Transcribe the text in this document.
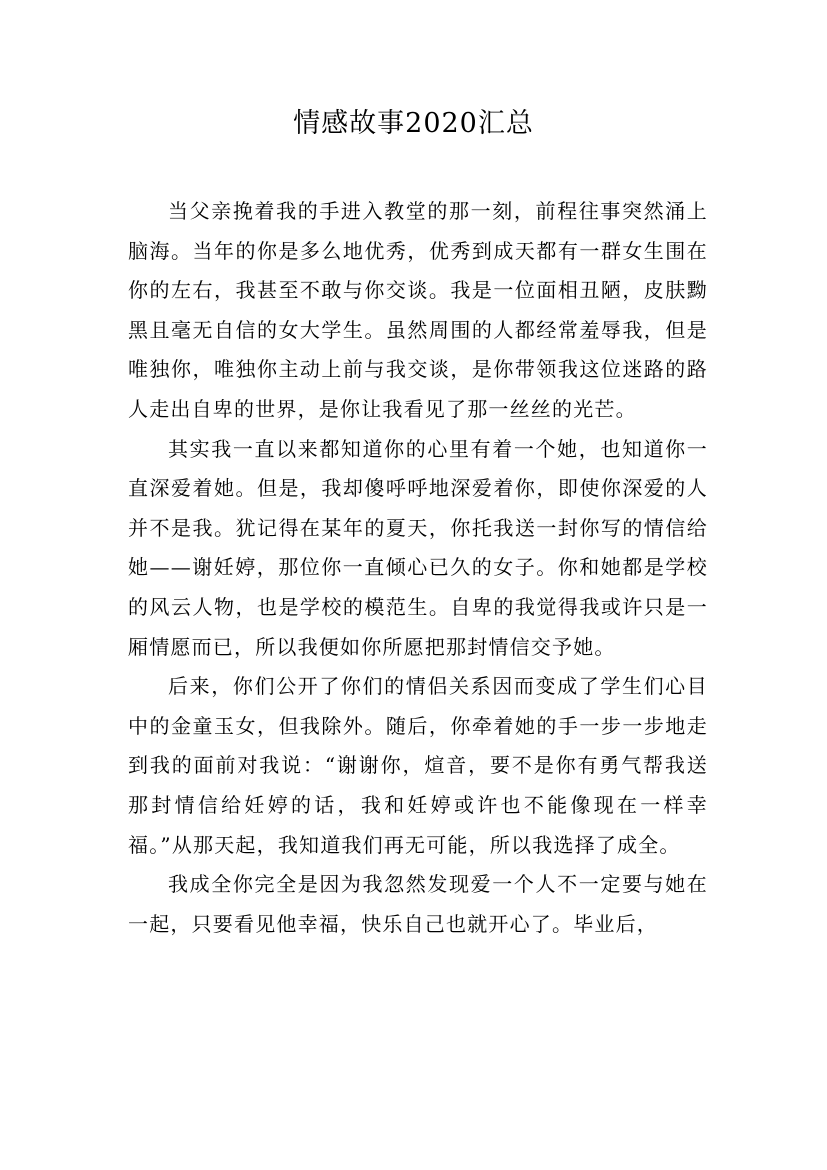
情感故事2020汇总

当父亲挽着我的手进入教堂的那一刻，前程往事突然涌上脑海。当年的你是多么地优秀，优秀到成天都有一群女生围在你的左右，我甚至不敢与你交谈。我是一位面相丑陋，皮肤黝黑且毫无自信的女大学生。虽然周围的人都经常羞辱我，但是唯独你，唯独你主动上前与我交谈，是你带领我这位迷路的路人走出自卑的世界，是你让我看见了那一丝丝的光芒。

其实我一直以来都知道你的心里有着一个她，也知道你一直深爱着她。但是，我却傻呼呼地深爱着你，即使你深爱的人并不是我。犹记得在某年的夏天，你托我送一封你写的情信给她——谢妊婷，那位你一直倾心已久的女子。你和她都是学校的风云人物，也是学校的模范生。自卑的我觉得我或许只是一厢情愿而已，所以我便如你所愿把那封情信交予她。

后来，你们公开了你们的情侣关系因而变成了学生们心目中的金童玉女，但我除外。随后，你牵着她的手一步一步地走到我的面前对我说：“谢谢你，煊音，要不是你有勇气帮我送那封情信给妊婷的话，我和妊婷或许也不能像现在一样幸福。”从那天起，我知道我们再无可能，所以我选择了成全。

我成全你完全是因为我忽然发现爱一个人不一定要与她在一起，只要看见他幸福，快乐自己也就开心了。毕业后，
